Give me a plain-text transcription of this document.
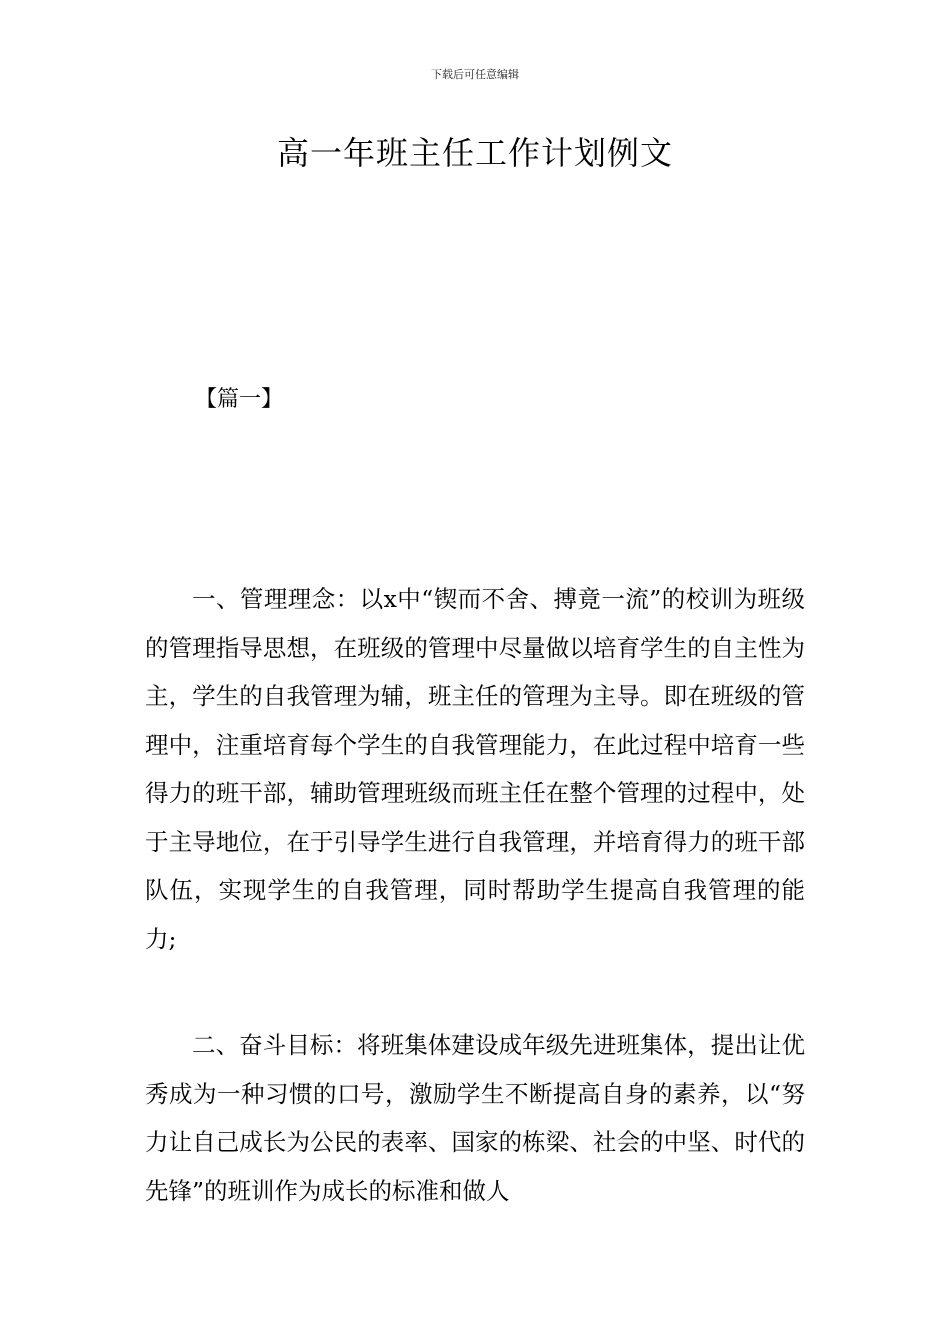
下载后可任意编辑
高一年班主任工作计划例文
【篇一】

一、管理理念：以x中“锲而不舍、搏竟一流”的校训为班级的管理指导思想，在班级的管理中尽量做以培育学生的自主性为主，学生的自我管理为辅，班主任的管理为主导。即在班级的管理中，注重培育每个学生的自我管理能力，在此过程中培育一些得力的班干部，辅助管理班级而班主任在整个管理的过程中，处于主导地位，在于引导学生进行自我管理，并培育得力的班干部队伍，实现学生的自我管理，同时帮助学生提高自我管理的能力;

二、奋斗目标：将班集体建设成年级先进班集体，提出让优秀成为一种习惯的口号，激励学生不断提高自身的素养，以“努力让自己成长为公民的表率、国家的栋梁、社会的中坚、时代的先锋”的班训作为成长的标准和做人
